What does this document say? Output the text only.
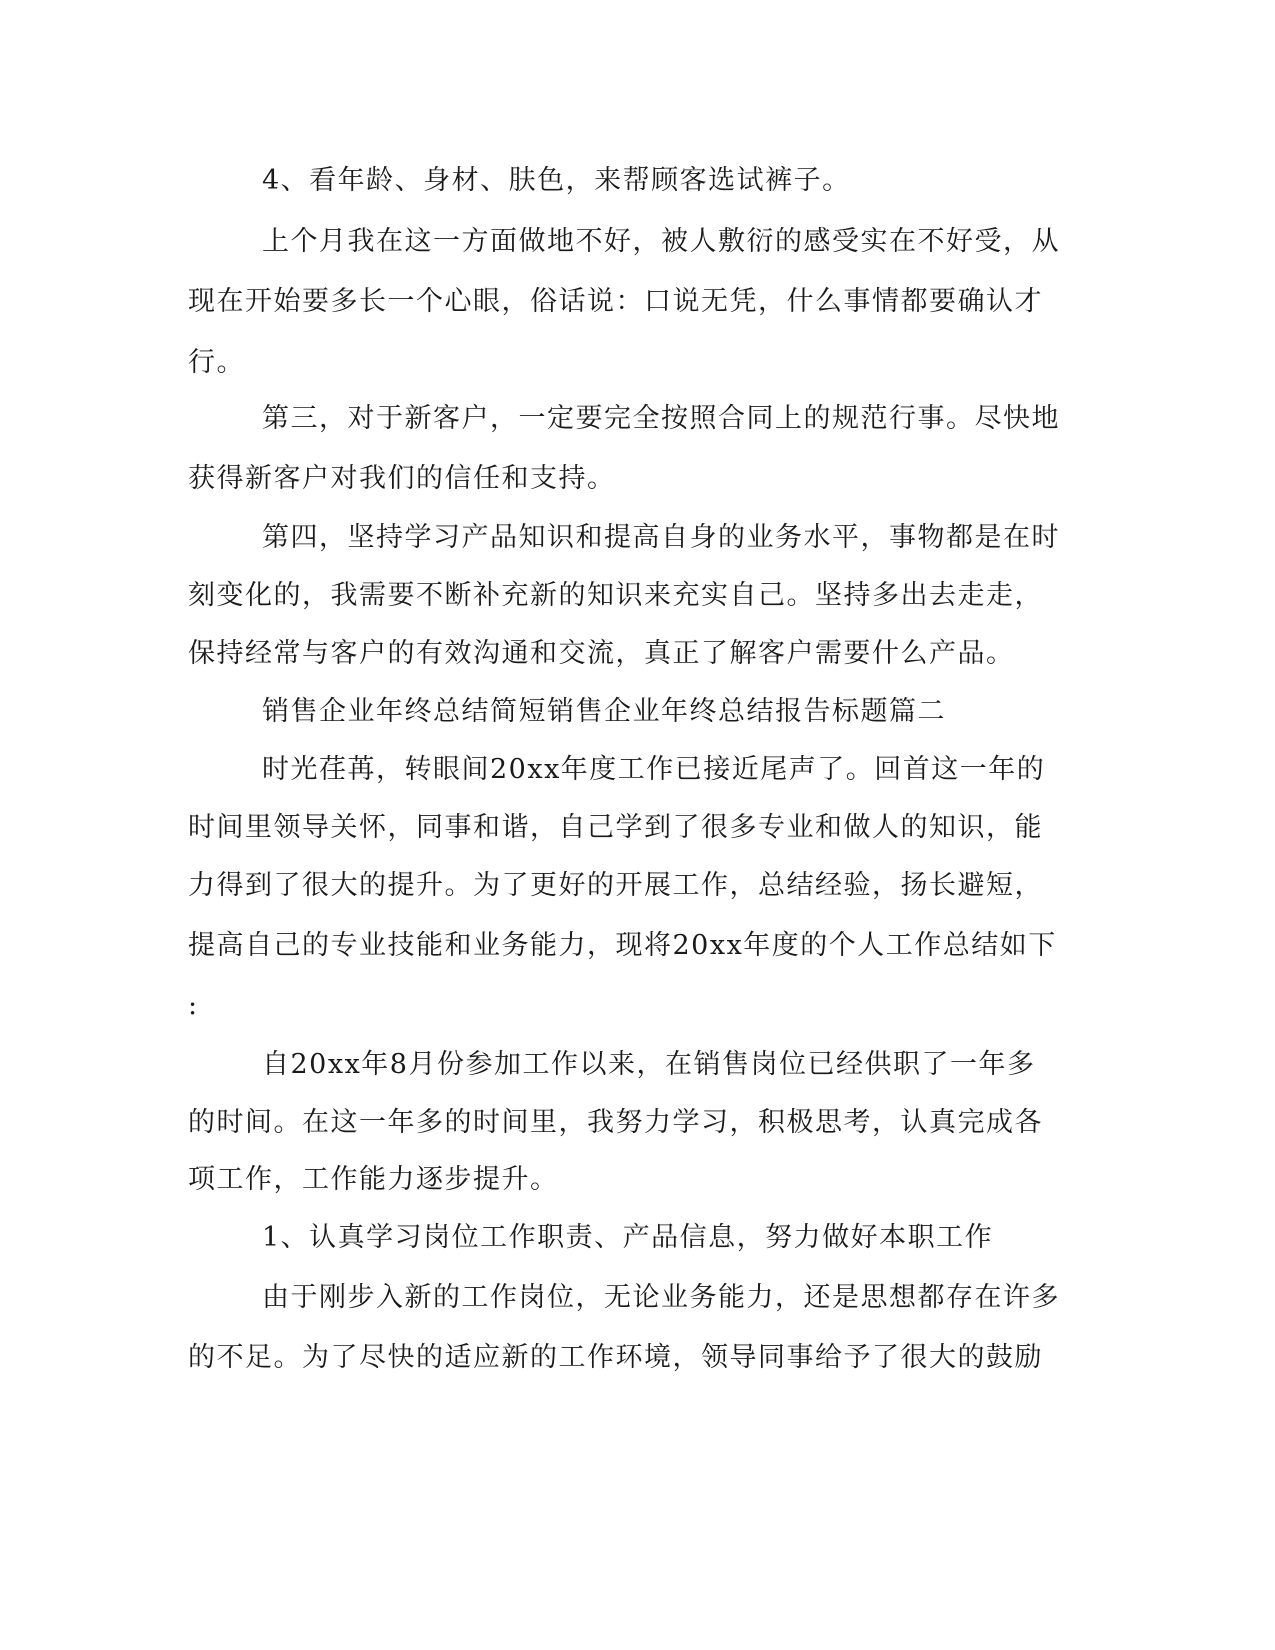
4、看年龄、身材、肤色，来帮顾客选试裤子。
上个月我在这一方面做地不好，被人敷衍的感受实在不好受，从
现在开始要多长一个心眼，俗话说：口说无凭，什么事情都要确认才
行。
第三，对于新客户，一定要完全按照合同上的规范行事。尽快地
获得新客户对我们的信任和支持。
第四，坚持学习产品知识和提高自身的业务水平，事物都是在时
刻变化的，我需要不断补充新的知识来充实自己。坚持多出去走走，
保持经常与客户的有效沟通和交流，真正了解客户需要什么产品。
销售企业年终总结简短销售企业年终总结报告标题篇二
时光荏苒，转眼间20xx年度工作已接近尾声了。回首这一年的
时间里领导关怀，同事和谐，自己学到了很多专业和做人的知识，能
力得到了很大的提升。为了更好的开展工作，总结经验，扬长避短，
提高自己的专业技能和业务能力，现将20xx年度的个人工作总结如下
:
自20xx年8月份参加工作以来，在销售岗位已经供职了一年多
的时间。在这一年多的时间里，我努力学习，积极思考，认真完成各
项工作，工作能力逐步提升。
1、认真学习岗位工作职责、产品信息，努力做好本职工作
由于刚步入新的工作岗位，无论业务能力，还是思想都存在许多
的不足。为了尽快的适应新的工作环境，领导同事给予了很大的鼓励
